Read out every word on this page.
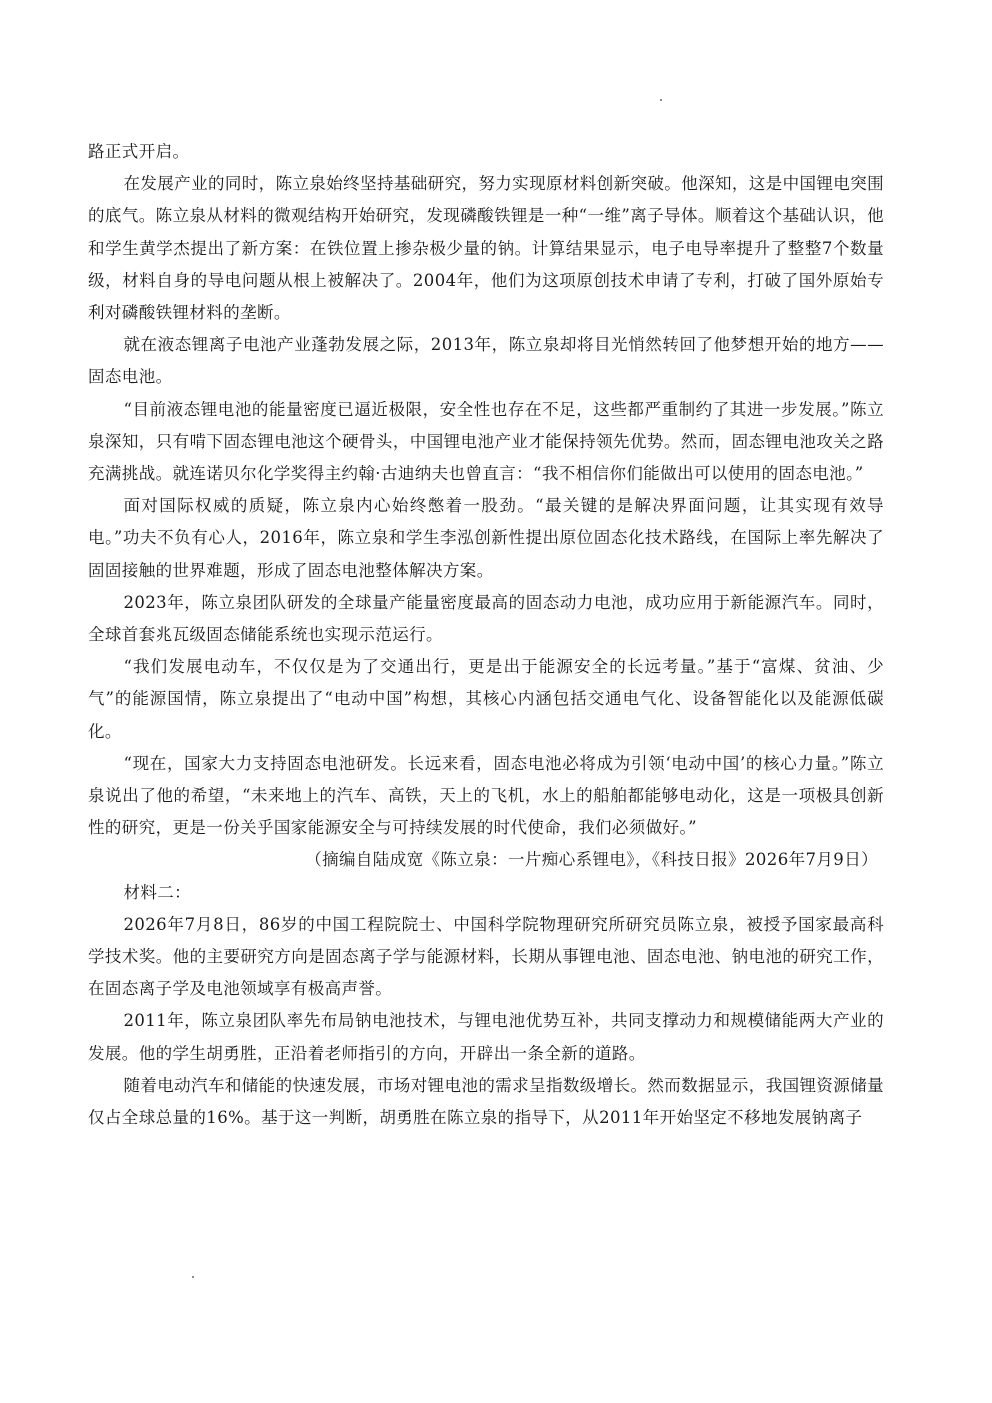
路正式开启。

在发展产业的同时，陈立泉始终坚持基础研究，努力实现原材料创新突破。他深知，这是中国锂电突围的底气。陈立泉从材料的微观结构开始研究，发现磷酸铁锂是一种“一维”离子导体。顺着这个基础认识，他和学生黄学杰提出了新方案：在铁位置上掺杂极少量的钠。计算结果显示，电子电导率提升了整整7个数量级，材料自身的导电问题从根上被解决了。2004年，他们为这项原创技术申请了专利，打破了国外原始专利对磷酸铁锂材料的垄断。

就在液态锂离子电池产业蓬勃发展之际，2013年，陈立泉却将目光悄然转回了他梦想开始的地方——固态电池。

“目前液态锂电池的能量密度已逼近极限，安全性也存在不足，这些都严重制约了其进一步发展。”陈立泉深知，只有啃下固态锂电池这个硬骨头，中国锂电池产业才能保持领先优势。然而，固态锂电池攻关之路充满挑战。就连诺贝尔化学奖得主约翰·古迪纳夫也曾直言：“我不相信你们能做出可以使用的固态电池。”

面对国际权威的质疑，陈立泉内心始终憋着一股劲。“最关键的是解决界面问题，让其实现有效导电。”功夫不负有心人，2016年，陈立泉和学生李泓创新性提出原位固态化技术路线，在国际上率先解决了固固接触的世界难题，形成了固态电池整体解决方案。

2023年，陈立泉团队研发的全球量产能量密度最高的固态动力电池，成功应用于新能源汽车。同时，全球首套兆瓦级固态储能系统也实现示范运行。

“我们发展电动车，不仅仅是为了交通出行，更是出于能源安全的长远考量。”基于“富煤、贫油、少气”的能源国情，陈立泉提出了“电动中国”构想，其核心内涵包括交通电气化、设备智能化以及能源低碳化。

“现在，国家大力支持固态电池研发。长远来看，固态电池必将成为引领‘电动中国’的核心力量。”陈立泉说出了他的希望，“未来地上的汽车、高铁，天上的飞机，水上的船舶都能够电动化，这是一项极具创新性的研究，更是一份关乎国家能源安全与可持续发展的时代使命，我们必须做好。”

（摘编自陆成宽《陈立泉：一片痴心系锂电》，《科技日报》2026年7月9日）

材料二：

2026年7月8日，86岁的中国工程院院士、中国科学院物理研究所研究员陈立泉，被授予国家最高科学技术奖。他的主要研究方向是固态离子学与能源材料，长期从事锂电池、固态电池、钠电池的研究工作，在固态离子学及电池领域享有极高声誉。

2011年，陈立泉团队率先布局钠电池技术，与锂电池优势互补，共同支撑动力和规模储能两大产业的发展。他的学生胡勇胜，正沿着老师指引的方向，开辟出一条全新的道路。

随着电动汽车和储能的快速发展，市场对锂电池的需求呈指数级增长。然而数据显示，我国锂资源储量仅占全球总量的16%。基于这一判断，胡勇胜在陈立泉的指导下，从2011年开始坚定不移地发展钠离子
